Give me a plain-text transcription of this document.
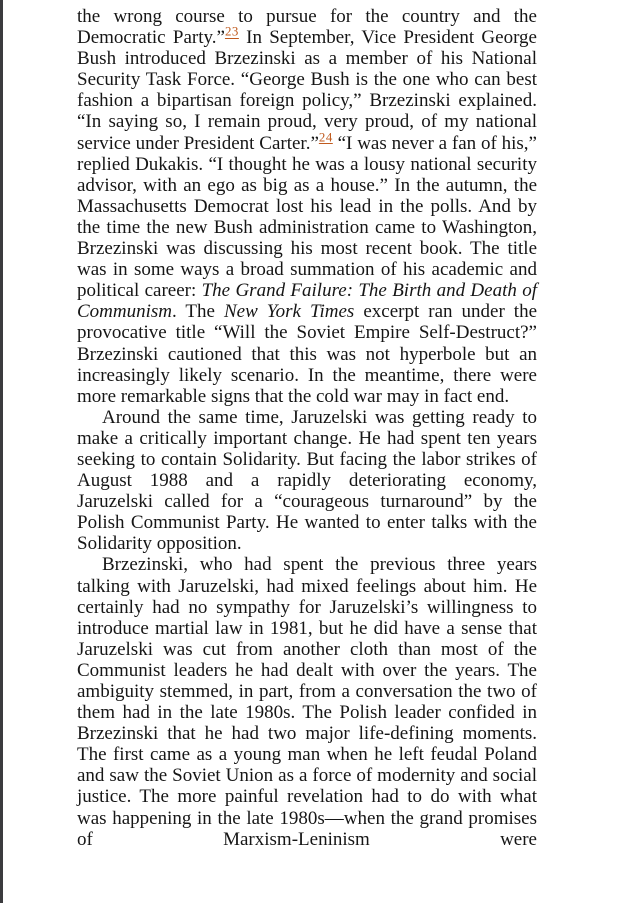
the wrong course to pursue for the country and the Democratic Party.”$^{23}$ In September, Vice President George Bush introduced Brzezinski as a member of his National Security Task Force. “George Bush is the one who can best fashion a bipartisan foreign policy,” Brzezinski explained. “In saying so, I remain proud, very proud, of my national service under President Carter.”$^{24}$ “I was never a fan of his,” replied Dukakis. “I thought he was a lousy national security advisor, with an ego as big as a house.” In the autumn, the Massachusetts Democrat lost his lead in the polls. And by the time the new Bush administration came to Washington, Brzezinski was discussing his most recent book. The title was in some ways a broad summation of his academic and political career: The Grand Failure: The Birth and Death of Communism. The New York Times excerpt ran under the provocative title “Will the Soviet Empire Self-Destruct?” Brzezinski cautioned that this was not hyperbole but an increasingly likely scenario. In the meantime, there were more remarkable signs that the cold war may in fact end.

Around the same time, Jaruzelski was getting ready to make a critically important change. He had spent ten years seeking to contain Solidarity. But facing the labor strikes of August 1988 and a rapidly deteriorating economy, Jaruzelski called for a “courageous turnaround” by the Polish Communist Party. He wanted to enter talks with the Solidarity opposition.

Brzezinski, who had spent the previous three years talking with Jaruzelski, had mixed feelings about him. He certainly had no sympathy for Jaruzelski’s willingness to introduce martial law in 1981, but he did have a sense that Jaruzelski was cut from another cloth than most of the Communist leaders he had dealt with over the years. The ambiguity stemmed, in part, from a conversation the two of them had in the late 1980s. The Polish leader confided in Brzezinski that he had two major life-defining moments. The first came as a young man when he left feudal Poland and saw the Soviet Union as a force of modernity and social justice. The more painful revelation had to do with what was happening in the late 1980s—when the grand promises of Marxism-Leninism were
